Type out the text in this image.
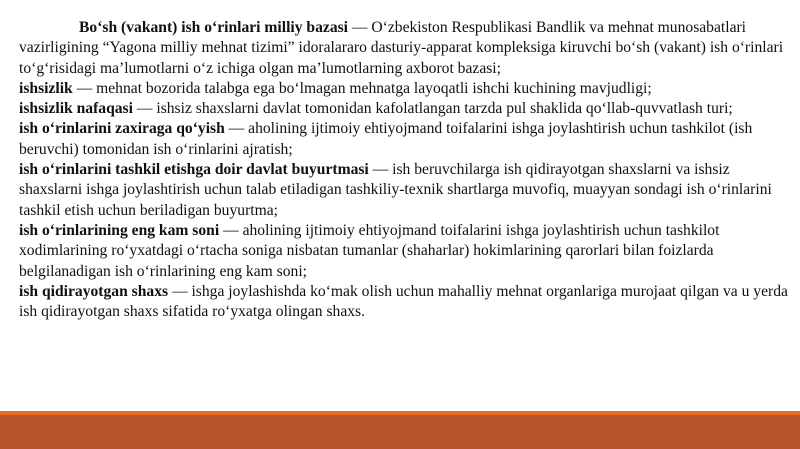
Bo‘sh (vakant) ish o‘rinlari milliy bazasi — O‘zbekiston Respublikasi Bandlik va mehnat munosabatlari vazirligining “Yagona milliy mehnat tizimi” idoralararo dasturiy-apparat kompleksiga kiruvchi bo‘sh (vakant) ish o‘rinlari to‘g‘risidagi ma’lumotlarni o‘z ichiga olgan ma’lumotlarning axborot bazasi;

ishsizlik — mehnat bozorida talabga ega bo‘lmagan mehnatga layoqatli ishchi kuchining mavjudligi;

ishsizlik nafaqasi — ishsiz shaxslarni davlat tomonidan kafolatlangan tarzda pul shaklida qo‘llab-quvvatlash turi;

ish o‘rinlarini zaxiraga qo‘yish — aholining ijtimoiy ehtiyojmand toifalarini ishga joylashtirish uchun tashkilot (ish beruvchi) tomonidan ish o‘rinlarini ajratish;

ish o‘rinlarini tashkil etishga doir davlat buyurtmasi — ish beruvchilarga ish qidirayotgan shaxslarni va ishsiz shaxslarni ishga joylashtirish uchun talab etiladigan tashkiliy-texnik shartlarga muvofiq, muayyan sondagi ish o‘rinlarini tashkil etish uchun beriladigan buyurtma;

ish o‘rinlarining eng kam soni — aholining ijtimoiy ehtiyojmand toifalarini ishga joylashtirish uchun tashkilot xodimlarining ro‘yxatdagi o‘rtacha soniga nisbatan tumanlar (shaharlar) hokimlarining qarorlari bilan foizlarda belgilanadigan ish o‘rinlarining eng kam soni;

ish qidirayotgan shaxs — ishga joylashishda ko‘mak olish uchun mahalliy mehnat organlariga murojaat qilgan va u yerda ish qidirayotgan shaxs sifatida ro‘yxatga olingan shaxs.
